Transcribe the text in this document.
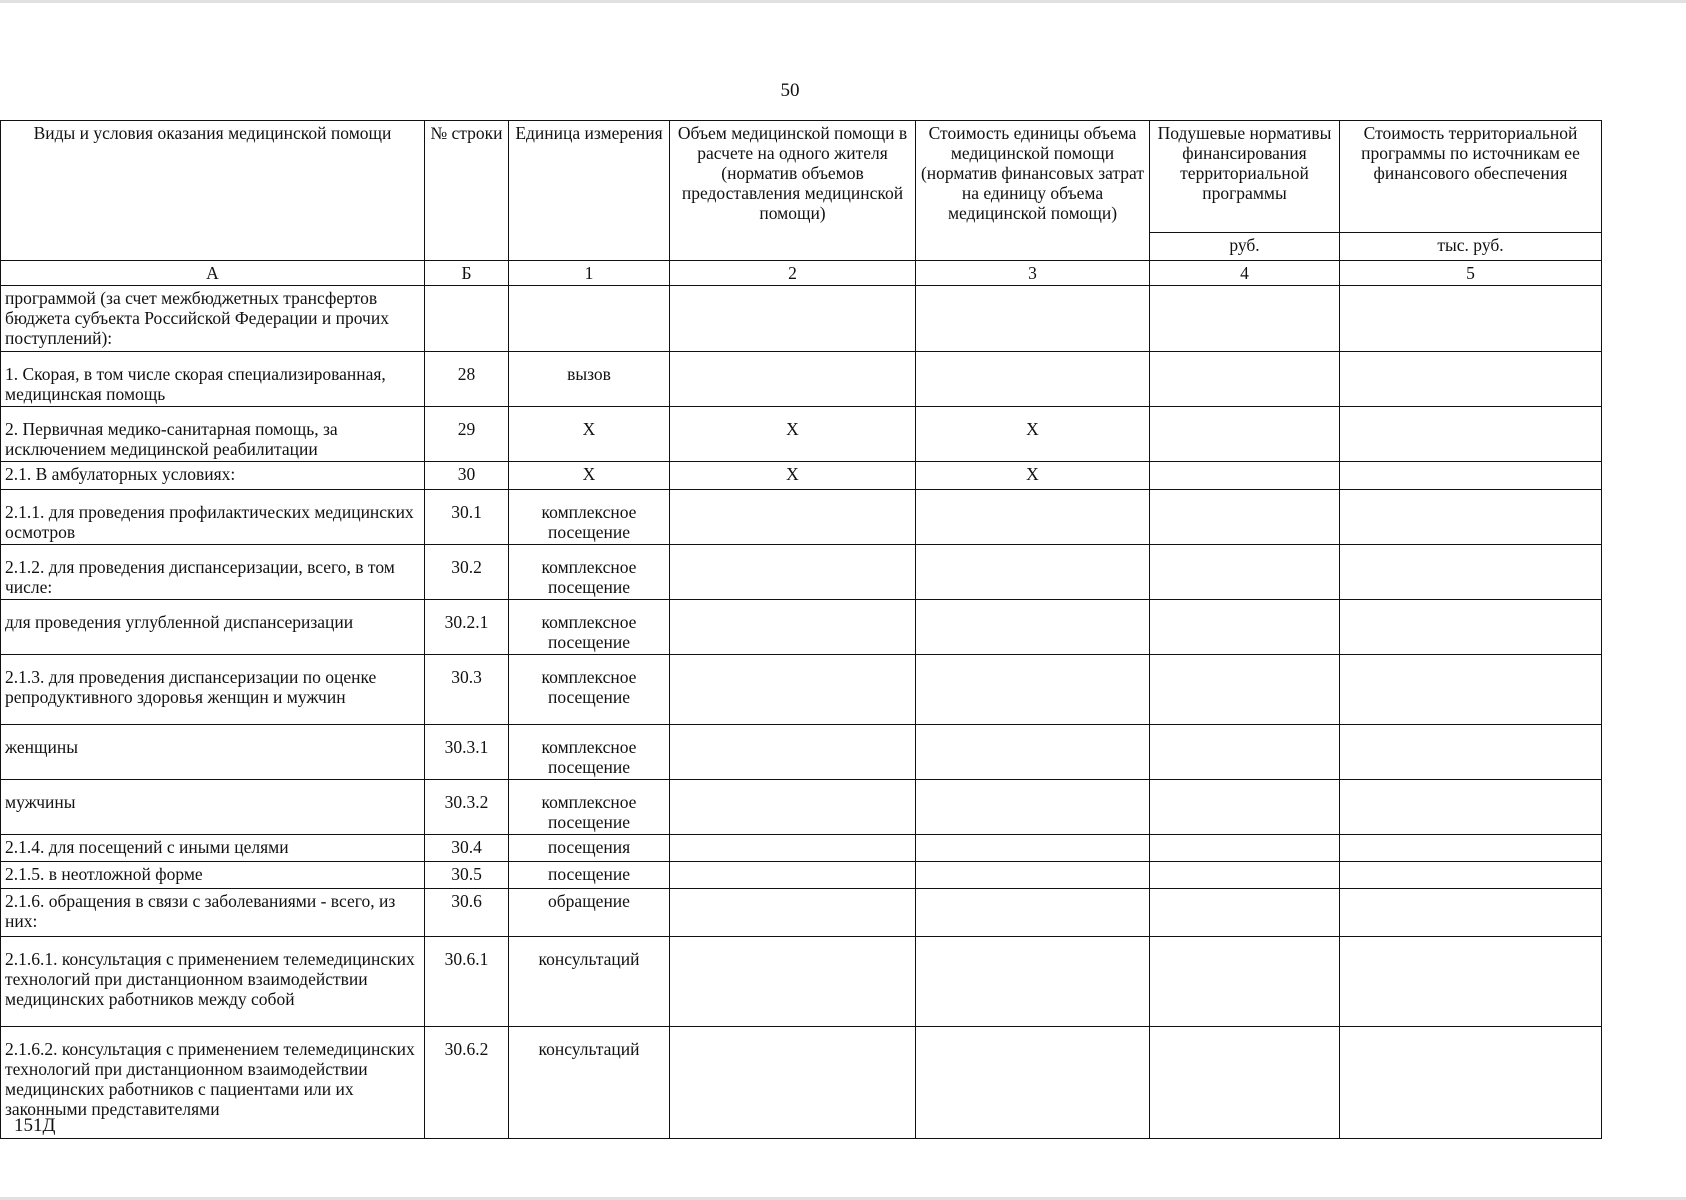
50
Виды и условия оказания медицинской помощи	№ строки	Единица измерения	Объем медицинской помощи в расчете на одного жителя (норматив объемов предоставления медицинской помощи)	Стоимость единицы объема медицинской помощи (норматив финансовых затрат на единицу объема медицинской помощи)	Подушевые нормативы финансирования территориальной программы	Стоимость территориальной программы по источникам ее финансового обеспечения
					руб.	тыс. руб.
А	Б	1	2	3	4	5
программой (за счет межбюджетных трансфертов бюджета субъекта Российской Федерации и прочих поступлений):						
1. Скорая, в том числе скорая специализированная, медицинская помощь	28	вызов				
2. Первичная медико-санитарная помощь, за исключением медицинской реабилитации	29	X	X	X		
2.1. В амбулаторных условиях:	30	X	X	X		
2.1.1. для проведения профилактических медицинских осмотров	30.1	комплексное посещение				
2.1.2. для проведения диспансеризации, всего, в том числе:	30.2	комплексное посещение				
для проведения углубленной диспансеризации	30.2.1	комплексное посещение				
2.1.3. для проведения диспансеризации по оценке репродуктивного здоровья женщин и мужчин	30.3	комплексное посещение				
женщины	30.3.1	комплексное посещение				
мужчины	30.3.2	комплексное посещение				
2.1.4. для посещений с иными целями	30.4	посещения				
2.1.5. в неотложной форме	30.5	посещение				
2.1.6. обращения в связи с заболеваниями - всего, из них:	30.6	обращение				
2.1.6.1. консультация с применением телемедицинских технологий при дистанционном взаимодействии медицинских работников между собой	30.6.1	консультаций				
2.1.6.2. консультация с применением телемедицинских технологий при дистанционном взаимодействии медицинских работников с пациентами или их законными представителями	30.6.2	консультаций				
151Д
